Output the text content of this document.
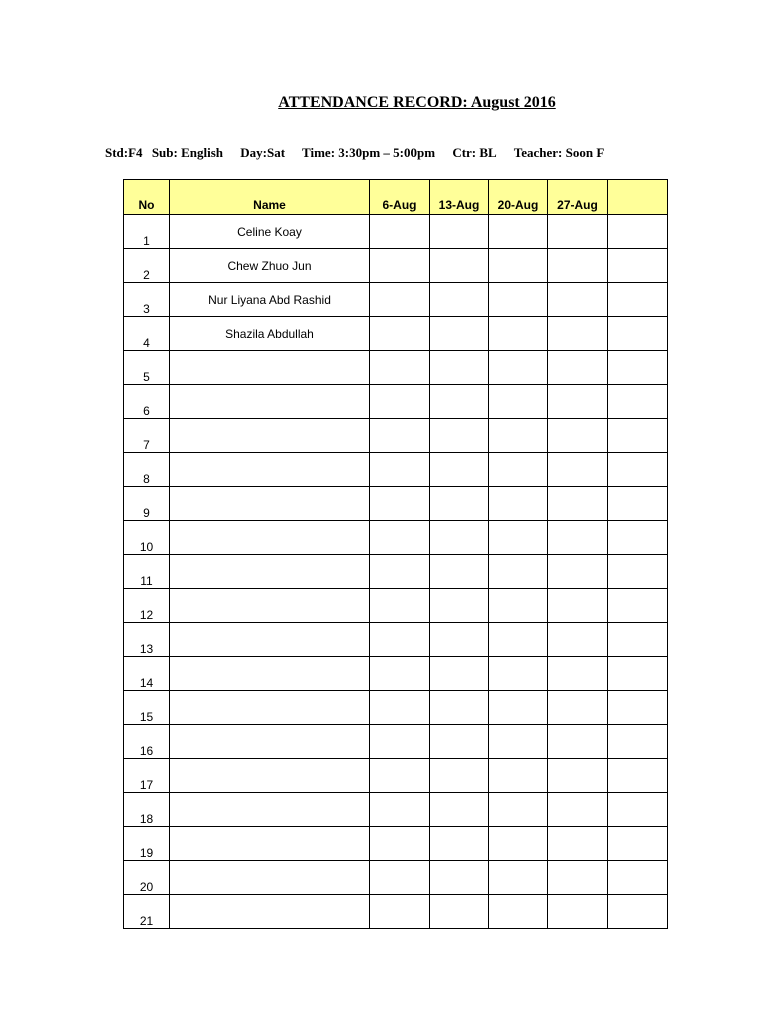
ATTENDANCE RECORD: August 2016
Std:F4 Sub: English Day:Sat Time: 3:30pm – 5:00pm Ctr: BL Teacher: Soon F
No	Name	6-Aug	13-Aug	20-Aug	27-Aug	
1	Celine Koay					
2	Chew Zhuo Jun					
3	Nur Liyana Abd Rashid					
4	Shazila Abdullah					
5						
6						
7						
8						
9						
10						
11						
12						
13						
14						
15						
16						
17						
18						
19						
20						
21						
